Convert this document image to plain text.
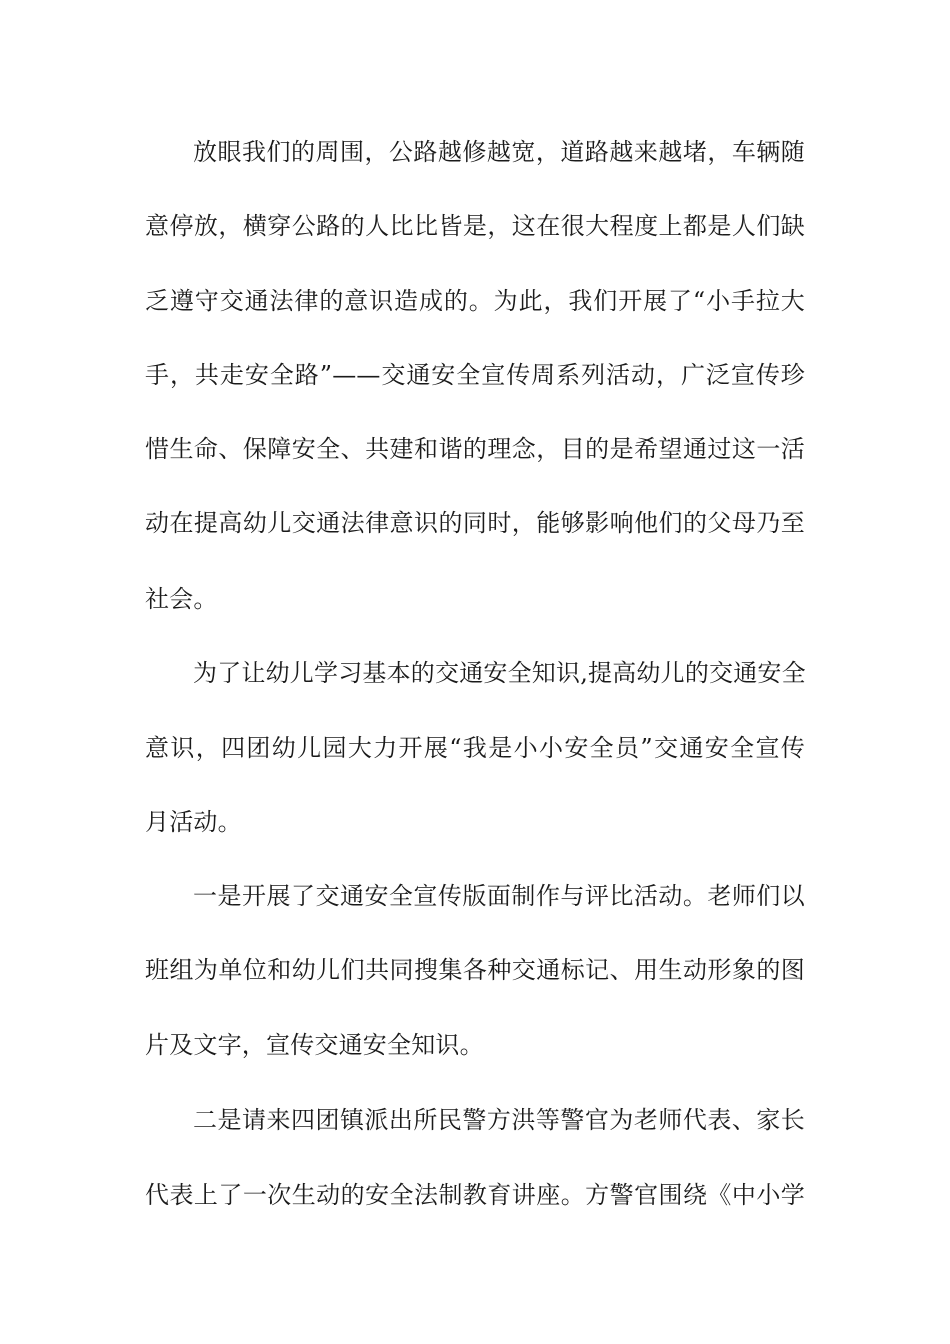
放眼我们的周围，公路越修越宽，道路越来越堵，车辆随
意停放，横穿公路的人比比皆是，这在很大程度上都是人们缺
乏遵守交通法律的意识造成的。为此，我们开展了“小手拉大
手，共走安全路”——交通安全宣传周系列活动，广泛宣传珍
惜生命、保障安全、共建和谐的理念，目的是希望通过这一活
动在提高幼儿交通法律意识的同时，能够影响他们的父母乃至
社会。
为了让幼儿学习基本的交通安全知识,提高幼儿的交通安全
意识，四团幼儿园大力开展“我是小小安全员”交通安全宣传
月活动。
一是开展了交通安全宣传版面制作与评比活动。老师们以
班组为单位和幼儿们共同搜集各种交通标记、用生动形象的图
片及文字，宣传交通安全知识。
二是请来四团镇派出所民警方洪等警官为老师代表、家长
代表上了一次生动的安全法制教育讲座。方警官围绕《中小学
